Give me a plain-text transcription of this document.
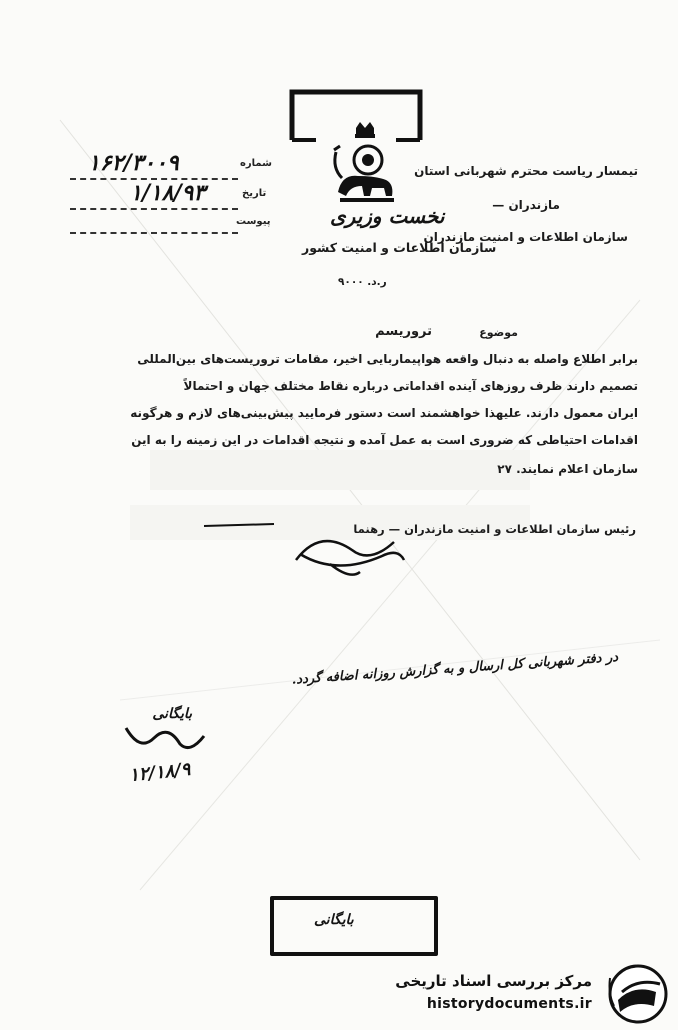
شماره
۱۶۲/۳۰۰۹
تاریخ
۱/۱۸/۹۳
پیوست	نخست وزیری
سازمان اطلاعات و امنیت کشور
ر.د. ۹۰۰۰
تیمسار ریاست محترم شهربانی استان
مازندران —
سازمان اطلاعات و امنیت مازندران
موضوع
تروریسم
برابر اطلاع واصله به دنبال واقعه هواپیماربایی اخیر، مقامات تروریست‌های بین‌المللی
تصمیم دارند ظرف روزهای آینده اقداماتی درباره نقاط مختلف جهان و احتمالاً
ایران معمول دارند. علیهذا خواهشمند است دستور فرمایید پیش‌بینی‌های لازم و هرگونه
اقدامات احتیاطی که ضروری است به عمل آمده و نتیجه اقدامات در این زمینه را به این
سازمان اعلام نمایند. ۲۷
رئیس سازمان اطلاعات و امنیت مازندران — رهنما
در دفتر شهربانی کل ارسال و به گزارش روزانه اضافه گردد.
بایگانی
۱۲/۱۸/۹
بایگانی
مرکز بررسی اسناد تاریخی
historydocuments.ir
